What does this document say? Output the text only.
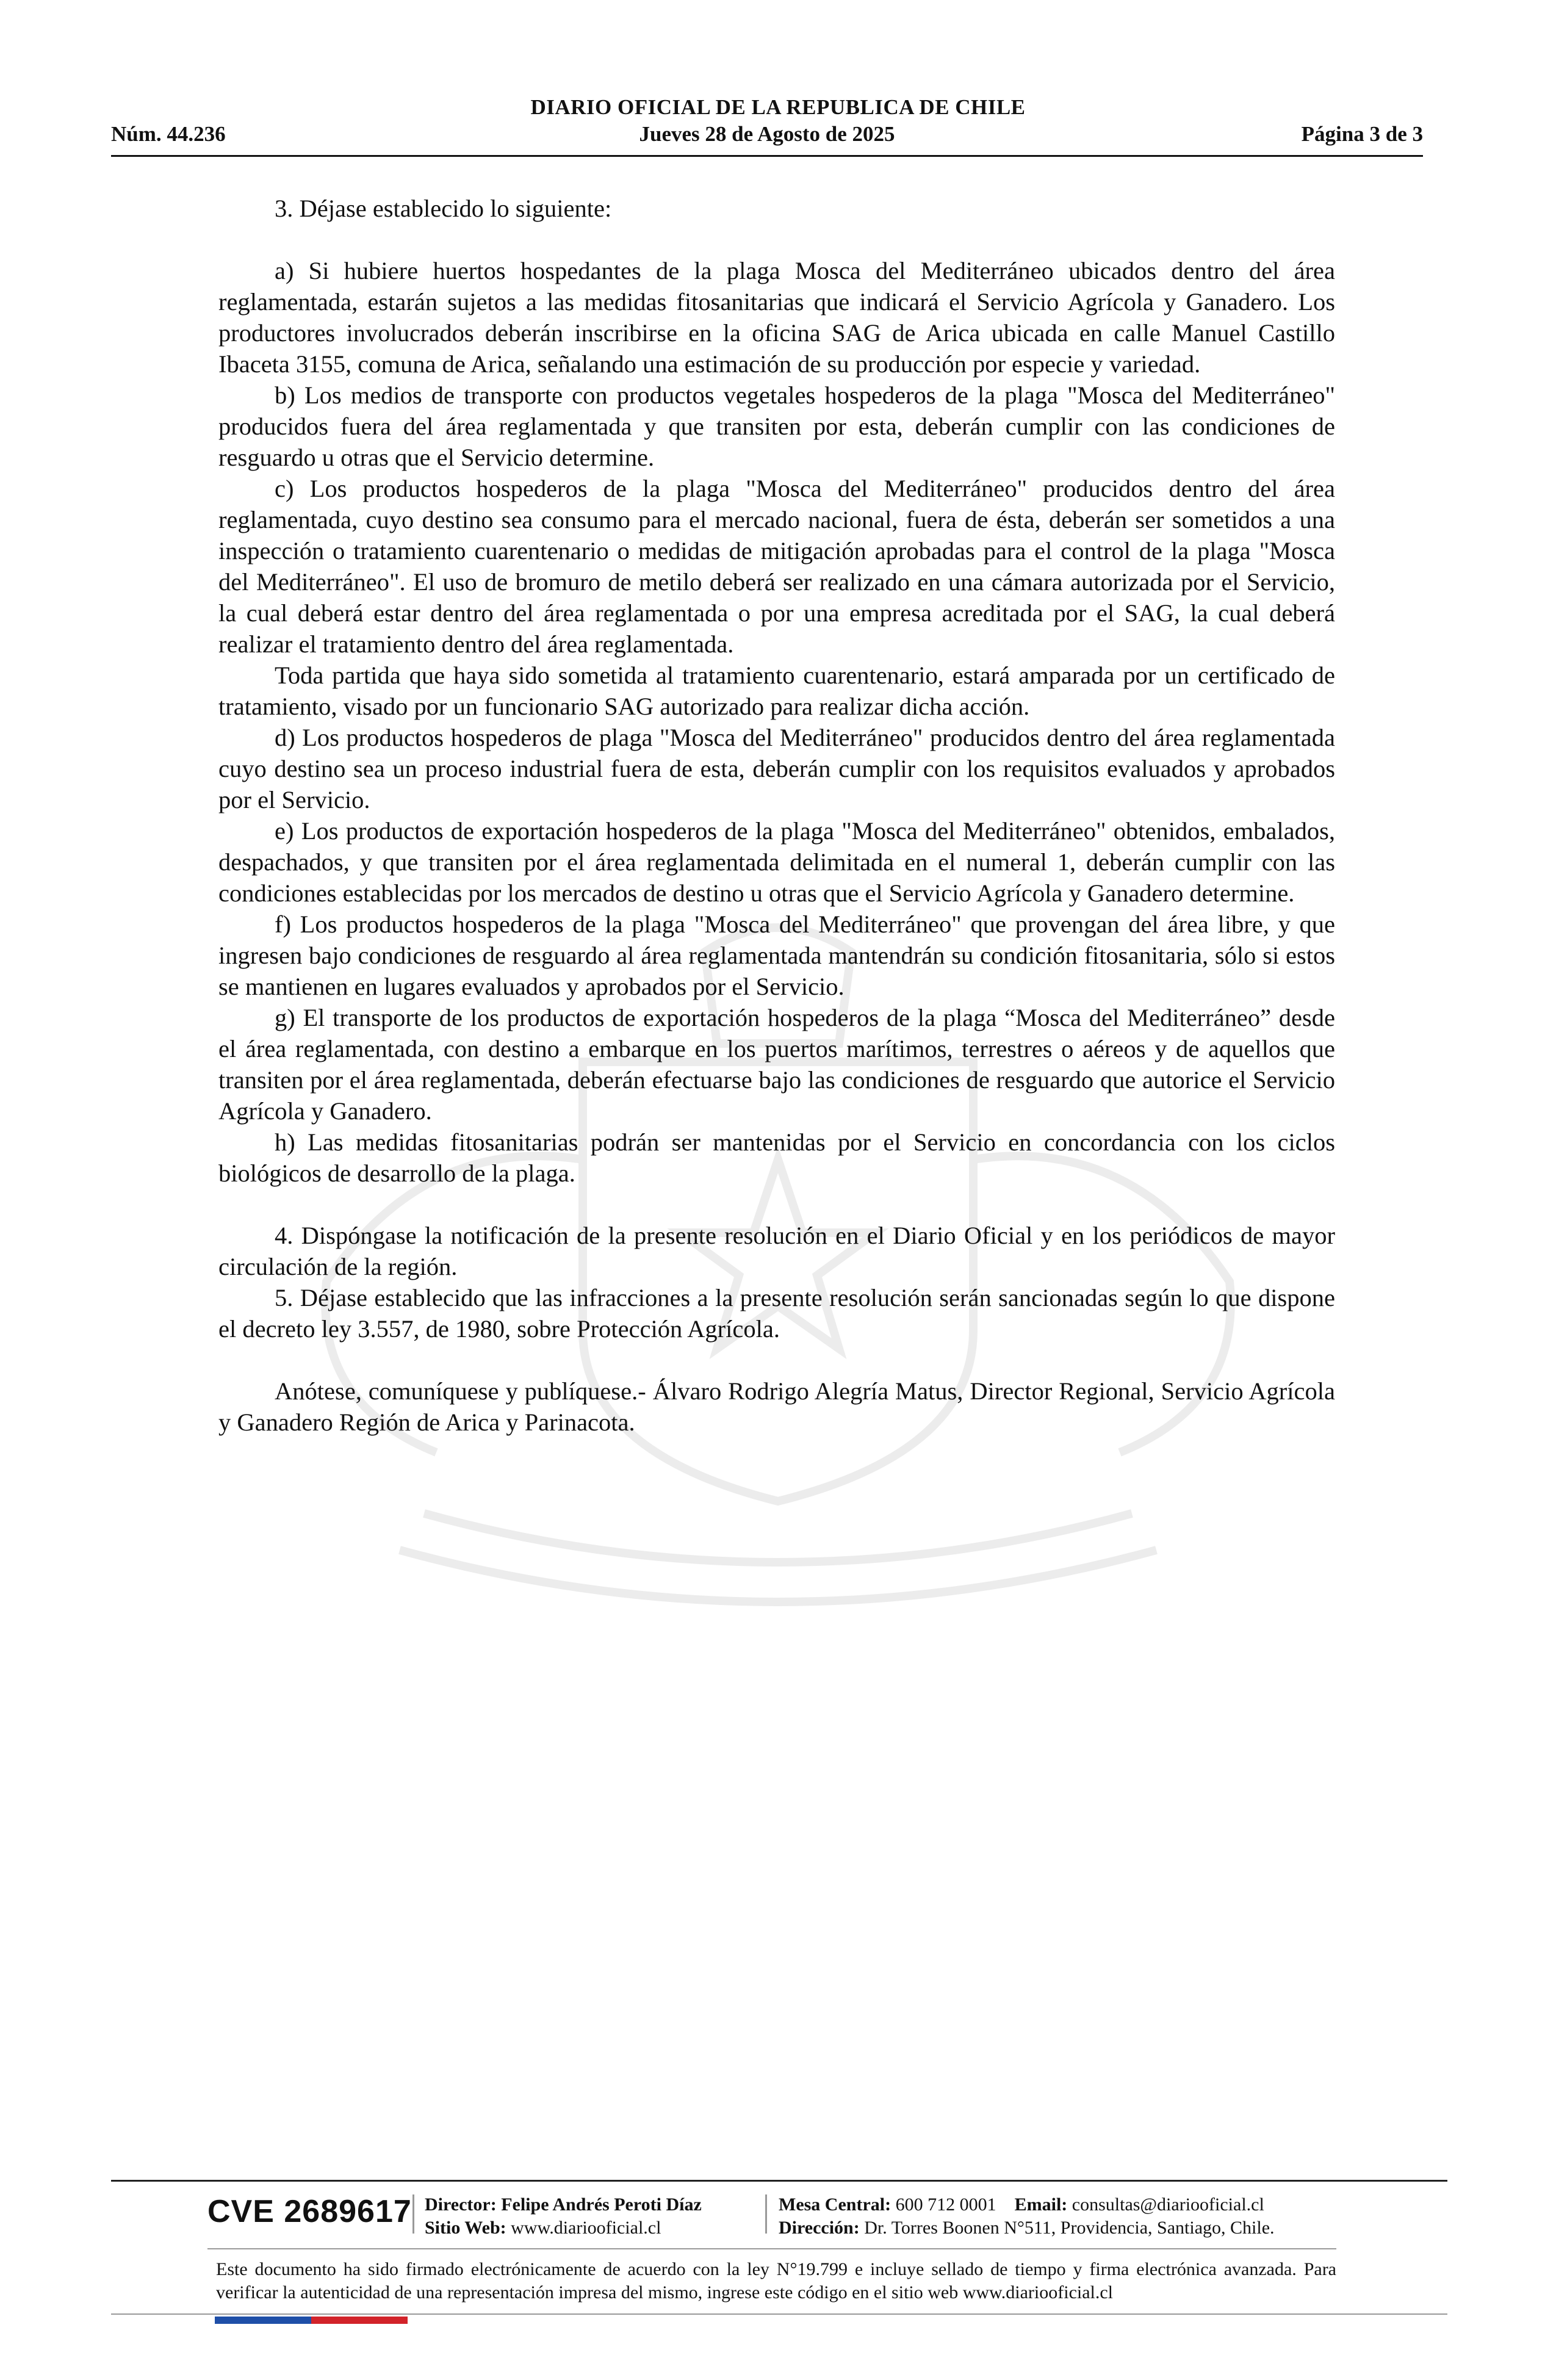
DIARIO OFICIAL DE LA REPUBLICA DE CHILE
Núm. 44.236	Jueves 28 de Agosto de 2025	Página 3 de 3

3. Déjase establecido lo siguiente:

a) Si hubiere huertos hospedantes de la plaga Mosca del Mediterráneo ubicados dentro del área reglamentada, estarán sujetos a las medidas fitosanitarias que indicará el Servicio Agrícola y Ganadero. Los productores involucrados deberán inscribirse en la oficina SAG de Arica ubicada en calle Manuel Castillo Ibaceta 3155, comuna de Arica, señalando una estimación de su producción por especie y variedad.

b) Los medios de transporte con productos vegetales hospederos de la plaga "Mosca del Mediterráneo" producidos fuera del área reglamentada y que transiten por esta, deberán cumplir con las condiciones de resguardo u otras que el Servicio determine.

c) Los productos hospederos de la plaga "Mosca del Mediterráneo" producidos dentro del área reglamentada, cuyo destino sea consumo para el mercado nacional, fuera de ésta, deberán ser sometidos a una inspección o tratamiento cuarentenario o medidas de mitigación aprobadas para el control de la plaga "Mosca del Mediterráneo". El uso de bromuro de metilo deberá ser realizado en una cámara autorizada por el Servicio, la cual deberá estar dentro del área reglamentada o por una empresa acreditada por el SAG, la cual deberá realizar el tratamiento dentro del área reglamentada.

Toda partida que haya sido sometida al tratamiento cuarentenario, estará amparada por un certificado de tratamiento, visado por un funcionario SAG autorizado para realizar dicha acción.

d) Los productos hospederos de plaga "Mosca del Mediterráneo" producidos dentro del área reglamentada cuyo destino sea un proceso industrial fuera de esta, deberán cumplir con los requisitos evaluados y aprobados por el Servicio.

e) Los productos de exportación hospederos de la plaga "Mosca del Mediterráneo" obtenidos, embalados, despachados, y que transiten por el área reglamentada delimitada en el numeral 1, deberán cumplir con las condiciones establecidas por los mercados de destino u otras que el Servicio Agrícola y Ganadero determine.

f) Los productos hospederos de la plaga "Mosca del Mediterráneo" que provengan del área libre, y que ingresen bajo condiciones de resguardo al área reglamentada mantendrán su condición fitosanitaria, sólo si estos se mantienen en lugares evaluados y aprobados por el Servicio.

g) El transporte de los productos de exportación hospederos de la plaga “Mosca del Mediterráneo” desde el área reglamentada, con destino a embarque en los puertos marítimos, terrestres o aéreos y de aquellos que transiten por el área reglamentada, deberán efectuarse bajo las condiciones de resguardo que autorice el Servicio Agrícola y Ganadero.

h) Las medidas fitosanitarias podrán ser mantenidas por el Servicio en concordancia con los ciclos biológicos de desarrollo de la plaga.

4. Dispóngase la notificación de la presente resolución en el Diario Oficial y en los periódicos de mayor circulación de la región.

5. Déjase establecido que las infracciones a la presente resolución serán sancionadas según lo que dispone el decreto ley 3.557, de 1980, sobre Protección Agrícola.

Anótese, comuníquese y publíquese.- Álvaro Rodrigo Alegría Matus, Director Regional, Servicio Agrícola y Ganadero Región de Arica y Parinacota.

CVE 2689617 Director: Felipe Andrés Peroti Díaz
Sitio Web: www.diariooficial.cl
Mesa Central: 600 712 0001 Email: consultas@diariooficial.cl
Dirección: Dr. Torres Boonen N°511, Providencia, Santiago, Chile.
Este documento ha sido firmado electrónicamente de acuerdo con la ley N°19.799 e incluye sellado de tiempo y firma electrónica avanzada. Para verificar la autenticidad de una representación impresa del mismo, ingrese este código en el sitio web www.diariooficial.cl
